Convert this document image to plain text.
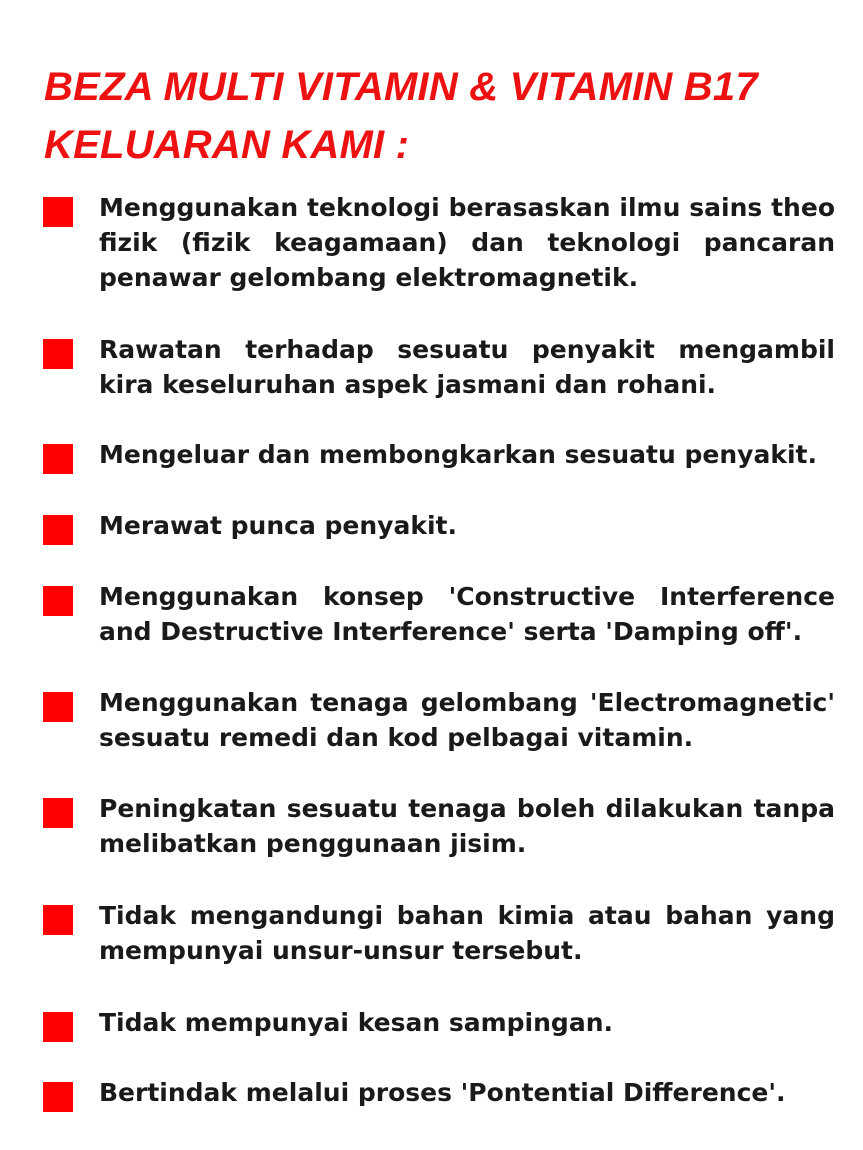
BEZA MULTI VITAMIN & VITAMIN B17
KELUARAN KAMI :

Menggunakan teknologi berasaskan ilmu sains theo fizik (fizik keagamaan) dan teknologi pancaran penawar gelombang elektromagnetik.

Rawatan terhadap sesuatu penyakit mengambil kira keseluruhan aspek jasmani dan rohani.

Mengeluar dan membongkarkan sesuatu penyakit.

Merawat punca penyakit.

Menggunakan konsep 'Constructive Interference and Destructive Interference' serta 'Damping off'.

Menggunakan tenaga gelombang 'Electromagnetic' sesuatu remedi dan kod pelbagai vitamin.

Peningkatan sesuatu tenaga boleh dilakukan tanpa melibatkan penggunaan jisim.

Tidak mengandungi bahan kimia atau bahan yang mempunyai unsur-unsur tersebut.

Tidak mempunyai kesan sampingan.

Bertindak melalui proses 'Pontential Difference'.
